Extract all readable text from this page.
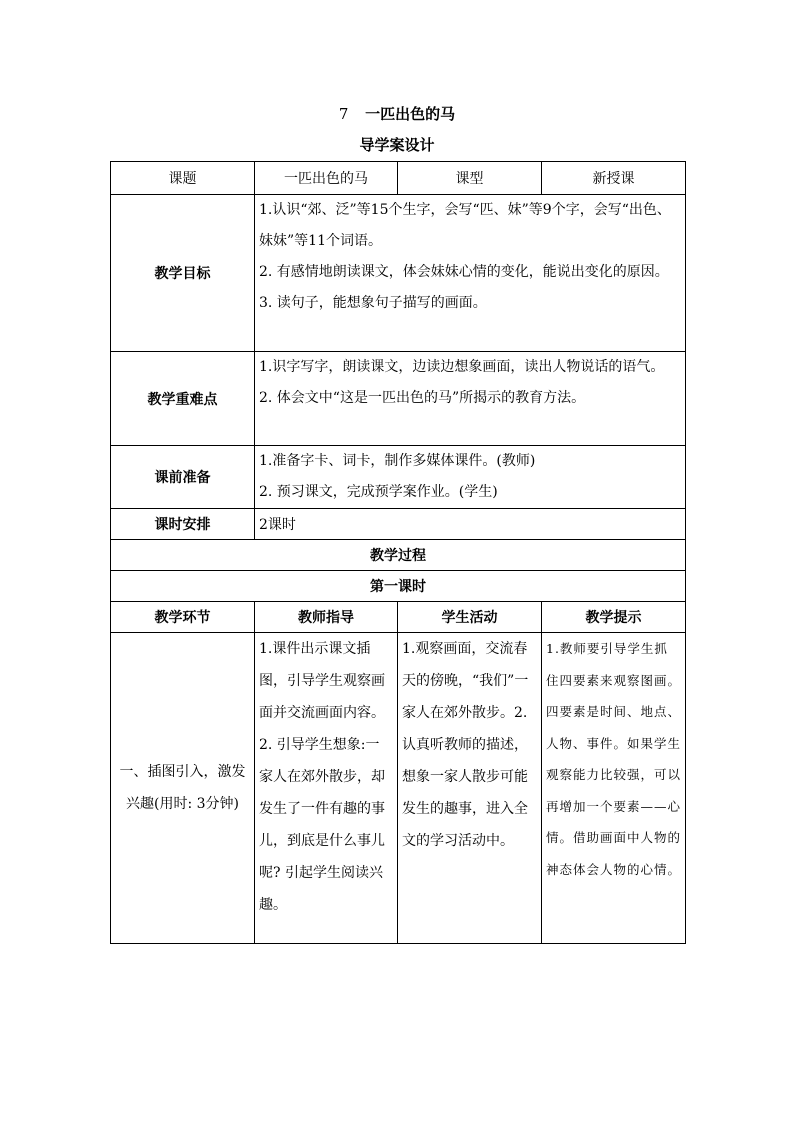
7 一匹出色的马
导学案设计
课题	一匹出色的马	课型	新授课
教学目标	1.认识“郊、泛”等15个生字，会写“匹、妹”等9个字，会写“出色、妹妹”等11个词语。
2. 有感情地朗读课文，体会妹妹心情的变化，能说出变化的原因。
3. 读句子，能想象句子描写的画面。		

教学重难点	1.识字写字，朗读课文，边读边想象画面，读出人物说话的语气。
2. 体会文中“这是一匹出色的马”所揭示的教育方法。		

课前准备	1.准备字卡、词卡，制作多媒体课件。(教师)
2. 预习课文，完成预学案作业。(学生)		

课时安排	2课时		
教学过程			
第一课时			
教学环节	教师指导	学生活动	教学提示
一、插图引入，激发兴趣(用时: 3分钟)	1.课件出示课文插图，引导学生观察画面并交流画面内容。2. 引导学生想象:一家人在郊外散步，却发生了一件有趣的事儿，到底是什么事儿呢? 引起学生阅读兴趣。	1.观察画面，交流春天的傍晚，“我们”一家人在郊外散步。2.认真听教师的描述，想象一家人散步可能发生的趣事，进入全文的学习活动中。	1.教师要引导学生抓住四要素来观察图画。四要素是时间、地点、人物、事件。如果学生观察能力比较强，可以再增加一个要素——心情。借助画面中人物的神态体会人物的心情。
